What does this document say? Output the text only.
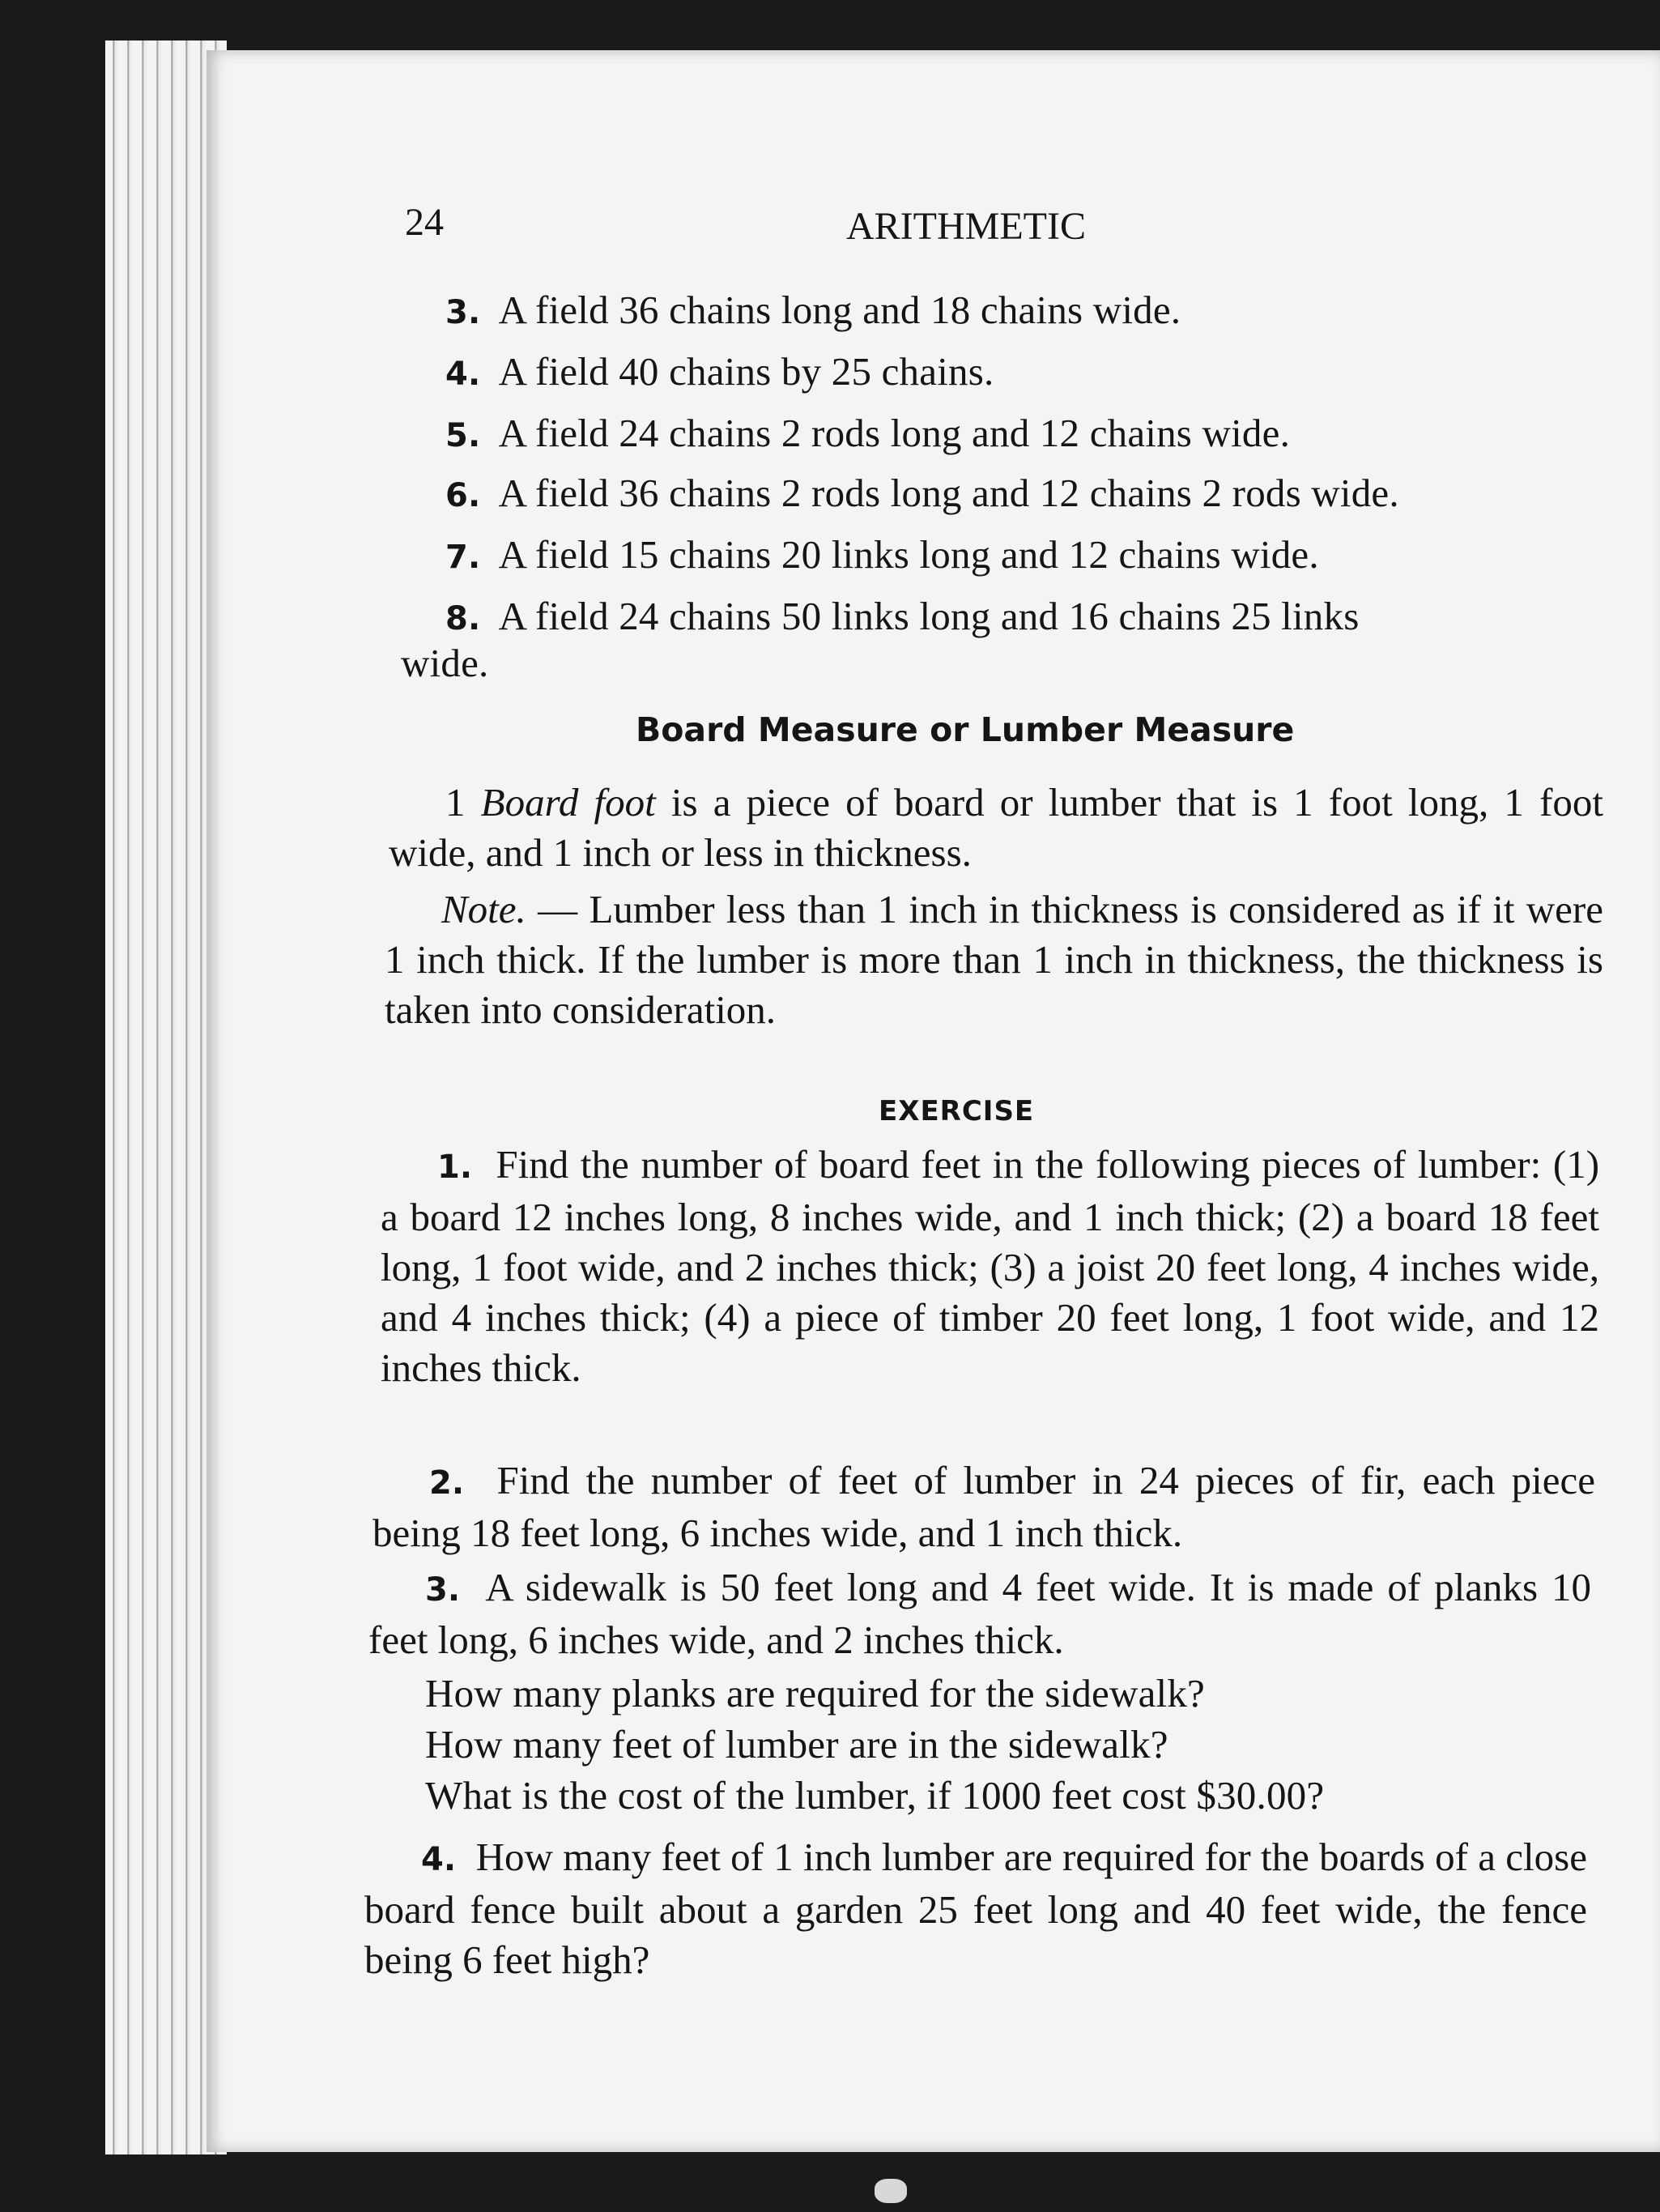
24	ARITHMETIC
3. A field 36 chains long and 18 chains wide.
4. A field 40 chains by 25 chains.
5. A field 24 chains 2 rods long and 12 chains wide.
6. A field 36 chains 2 rods long and 12 chains 2 rods wide.
7. A field 15 chains 20 links long and 12 chains wide.
8. A field 24 chains 50 links long and 16 chains 25 links
wide.
Board Measure or Lumber Measure
1 Board foot is a piece of board or lumber that is 1 foot long, 1 foot wide, and 1 inch or less in thickness.
Note. — Lumber less than 1 inch in thickness is considered as if it were 1 inch thick. If the lumber is more than 1 inch in thickness, the thickness is taken into consideration.
EXERCISE
1. Find the number of board feet in the following pieces of lumber: (1) a board 12 inches long, 8 inches wide, and 1 inch thick; (2) a board 18 feet long, 1 foot wide, and 2 inches thick; (3) a joist 20 feet long, 4 inches wide, and 4 inches thick; (4) a piece of timber 20 feet long, 1 foot wide, and 12 inches thick.
2. Find the number of feet of lumber in 24 pieces of fir, each piece being 18 feet long, 6 inches wide, and 1 inch thick.
3. A sidewalk is 50 feet long and 4 feet wide. It is made of planks 10 feet long, 6 inches wide, and 2 inches thick.
How many planks are required for the sidewalk?
How many feet of lumber are in the sidewalk?
What is the cost of the lumber, if 1000 feet cost $30.00?
4. How many feet of 1 inch lumber are required for the boards of a close board fence built about a garden 25 feet long and 40 feet wide, the fence being 6 feet high?
